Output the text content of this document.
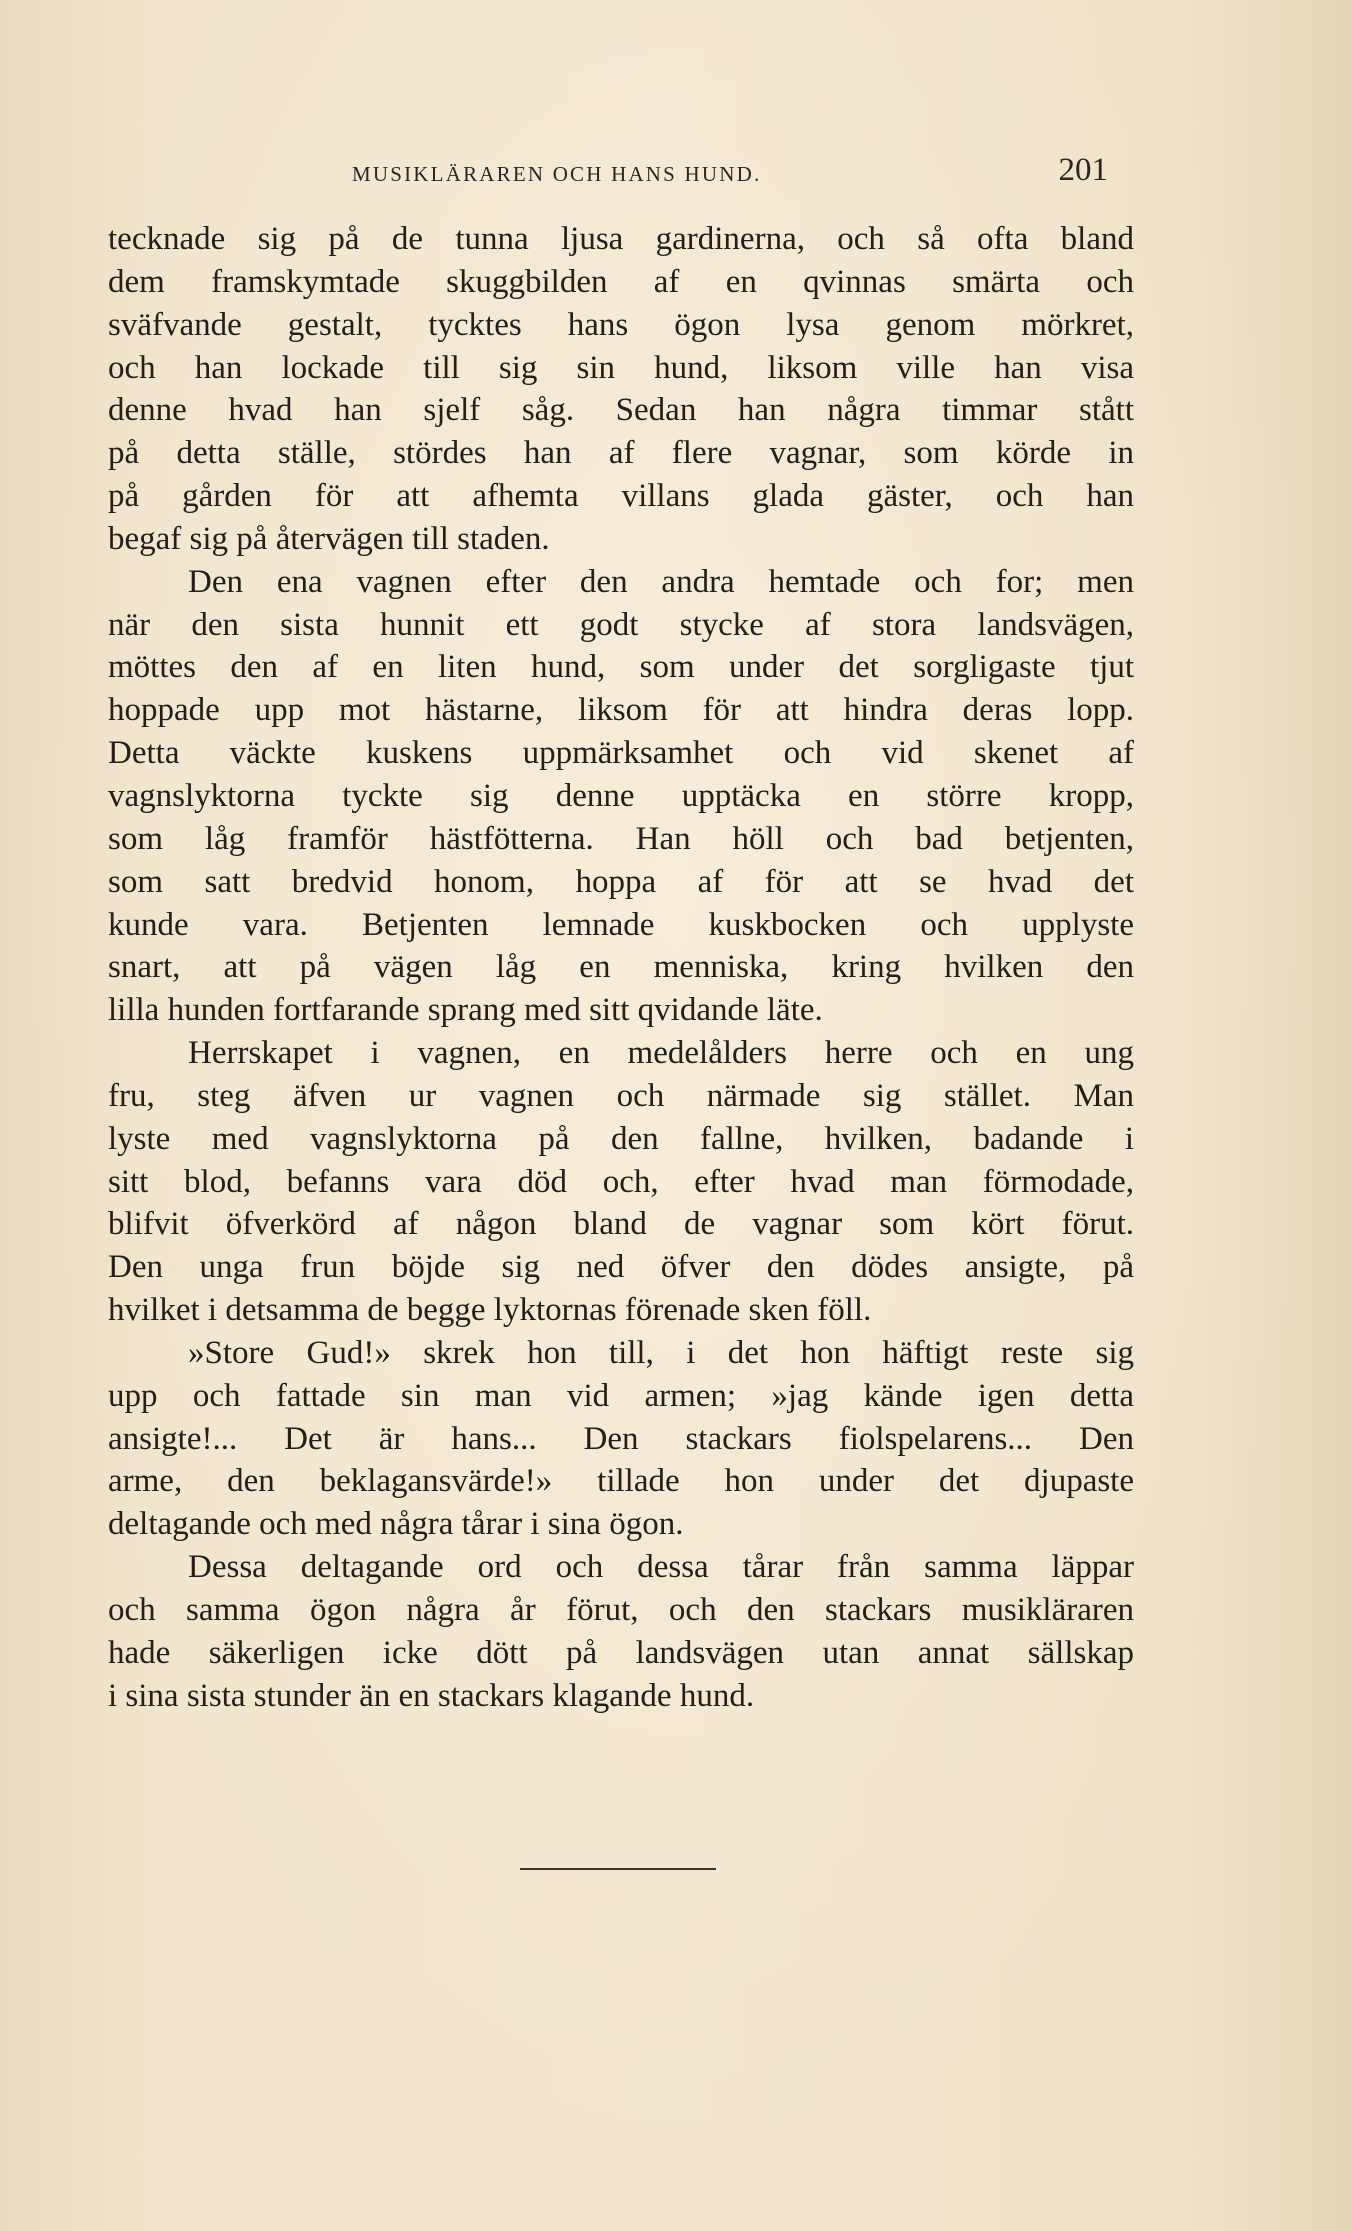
MUSIKLÄRAREN OCH HANS HUND.	201
tecknade sig på de tunna ljusa gardinerna, och så ofta bland
dem framskymtade skuggbilden af en qvinnas smärta och
sväfvande gestalt, tycktes hans ögon lysa genom mörkret,
och han lockade till sig sin hund, liksom ville han visa
denne hvad han sjelf såg. Sedan han några timmar stått
på detta ställe, stördes han af flere vagnar, som körde in
på gården för att afhemta villans glada gäster, och han
begaf sig på återvägen till staden.
Den ena vagnen efter den andra hemtade och for; men
när den sista hunnit ett godt stycke af stora landsvägen,
möttes den af en liten hund, som under det sorgligaste tjut
hoppade upp mot hästarne, liksom för att hindra deras lopp.
Detta väckte kuskens uppmärksamhet och vid skenet af
vagnslyktorna tyckte sig denne upptäcka en större kropp,
som låg framför hästfötterna. Han höll och bad betjenten,
som satt bredvid honom, hoppa af för att se hvad det
kunde vara. Betjenten lemnade kuskbocken och upplyste
snart, att på vägen låg en menniska, kring hvilken den
lilla hunden fortfarande sprang med sitt qvidande läte.
Herrskapet i vagnen, en medelålders herre och en ung
fru, steg äfven ur vagnen och närmade sig stället. Man
lyste med vagnslyktorna på den fallne, hvilken, badande i
sitt blod, befanns vara död och, efter hvad man förmodade,
blifvit öfverkörd af någon bland de vagnar som kört förut.
Den unga frun böjde sig ned öfver den dödes ansigte, på
hvilket i detsamma de begge lyktornas förenade sken föll.
»Store Gud!» skrek hon till, i det hon häftigt reste sig
upp och fattade sin man vid armen; »jag kände igen detta
ansigte!... Det är hans... Den stackars fiolspelarens... Den
arme, den beklagansvärde!» tillade hon under det djupaste
deltagande och med några tårar i sina ögon.
Dessa deltagande ord och dessa tårar från samma läppar
och samma ögon några år förut, och den stackars musikläraren
hade säkerligen icke dött på landsvägen utan annat sällskap
i sina sista stunder än en stackars klagande hund.
